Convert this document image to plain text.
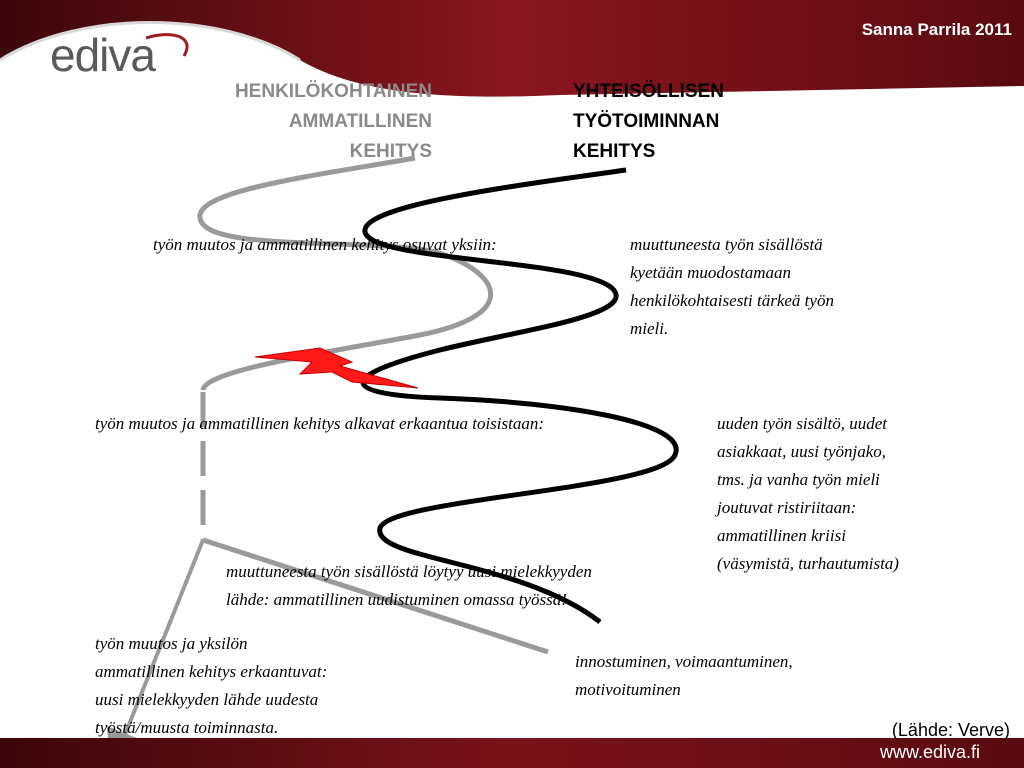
Sanna Parrila 2011
ediva
HENKILÖKOHTAINEN
AMMATILLINEN
KEHITYS
YHTEISÖLLISEN
TYÖTOIMINNAN
KEHITYS
työn muutos ja ammatillinen kehitys osuvat yksiin:	muuttuneesta työn sisällöstä
kyetään muodostamaan
henkilökohtaisesti tärkeä työn
mieli.
työn muutos ja ammatillinen kehitys alkavat erkaantua toisistaan:	uuden työn sisältö, uudet
asiakkaat, uusi työnjako,
tms. ja vanha työn mieli
joutuvat ristiriitaan:
ammatillinen kriisi
(väsymistä, turhautumista)
muuttuneesta työn sisällöstä löytyy uusi mielekkyyden
lähde: ammatillinen uudistuminen omassa työssä!
työn muutos ja yksilön
ammatillinen kehitys erkaantuvat:
uusi mielekkyyden lähde uudesta
työstä/muusta toiminnasta.
innostuminen, voimaantuminen,
motivoituminen
(Lähde: Verve)
www.ediva.fi
